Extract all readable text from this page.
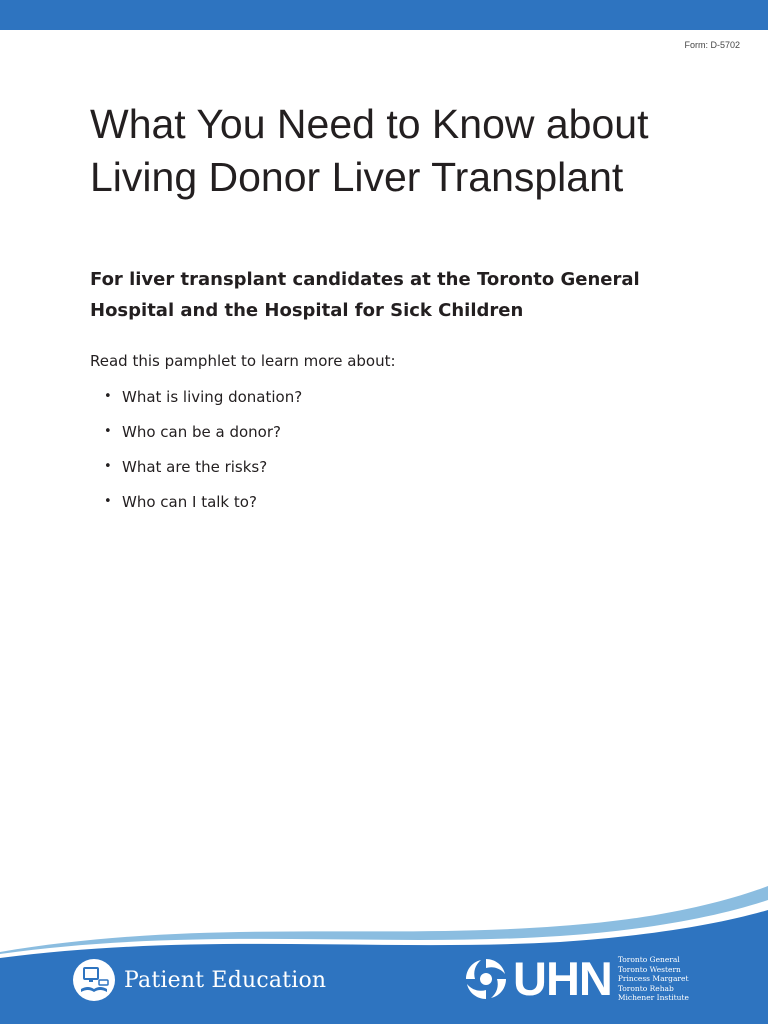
Form: D-5702
What You Need to Know about
Living Donor Liver Transplant
For liver transplant candidates at the Toronto General
Hospital and the Hospital for Sick Children

Read this pamphlet to learn more about:

• What is living donation?
• Who can be a donor?
• What are the risks?
• Who can I talk to?
Patient Education	UHN Toronto General
Toronto Western
Princess Margaret
Toronto Rehab
Michener Institute
